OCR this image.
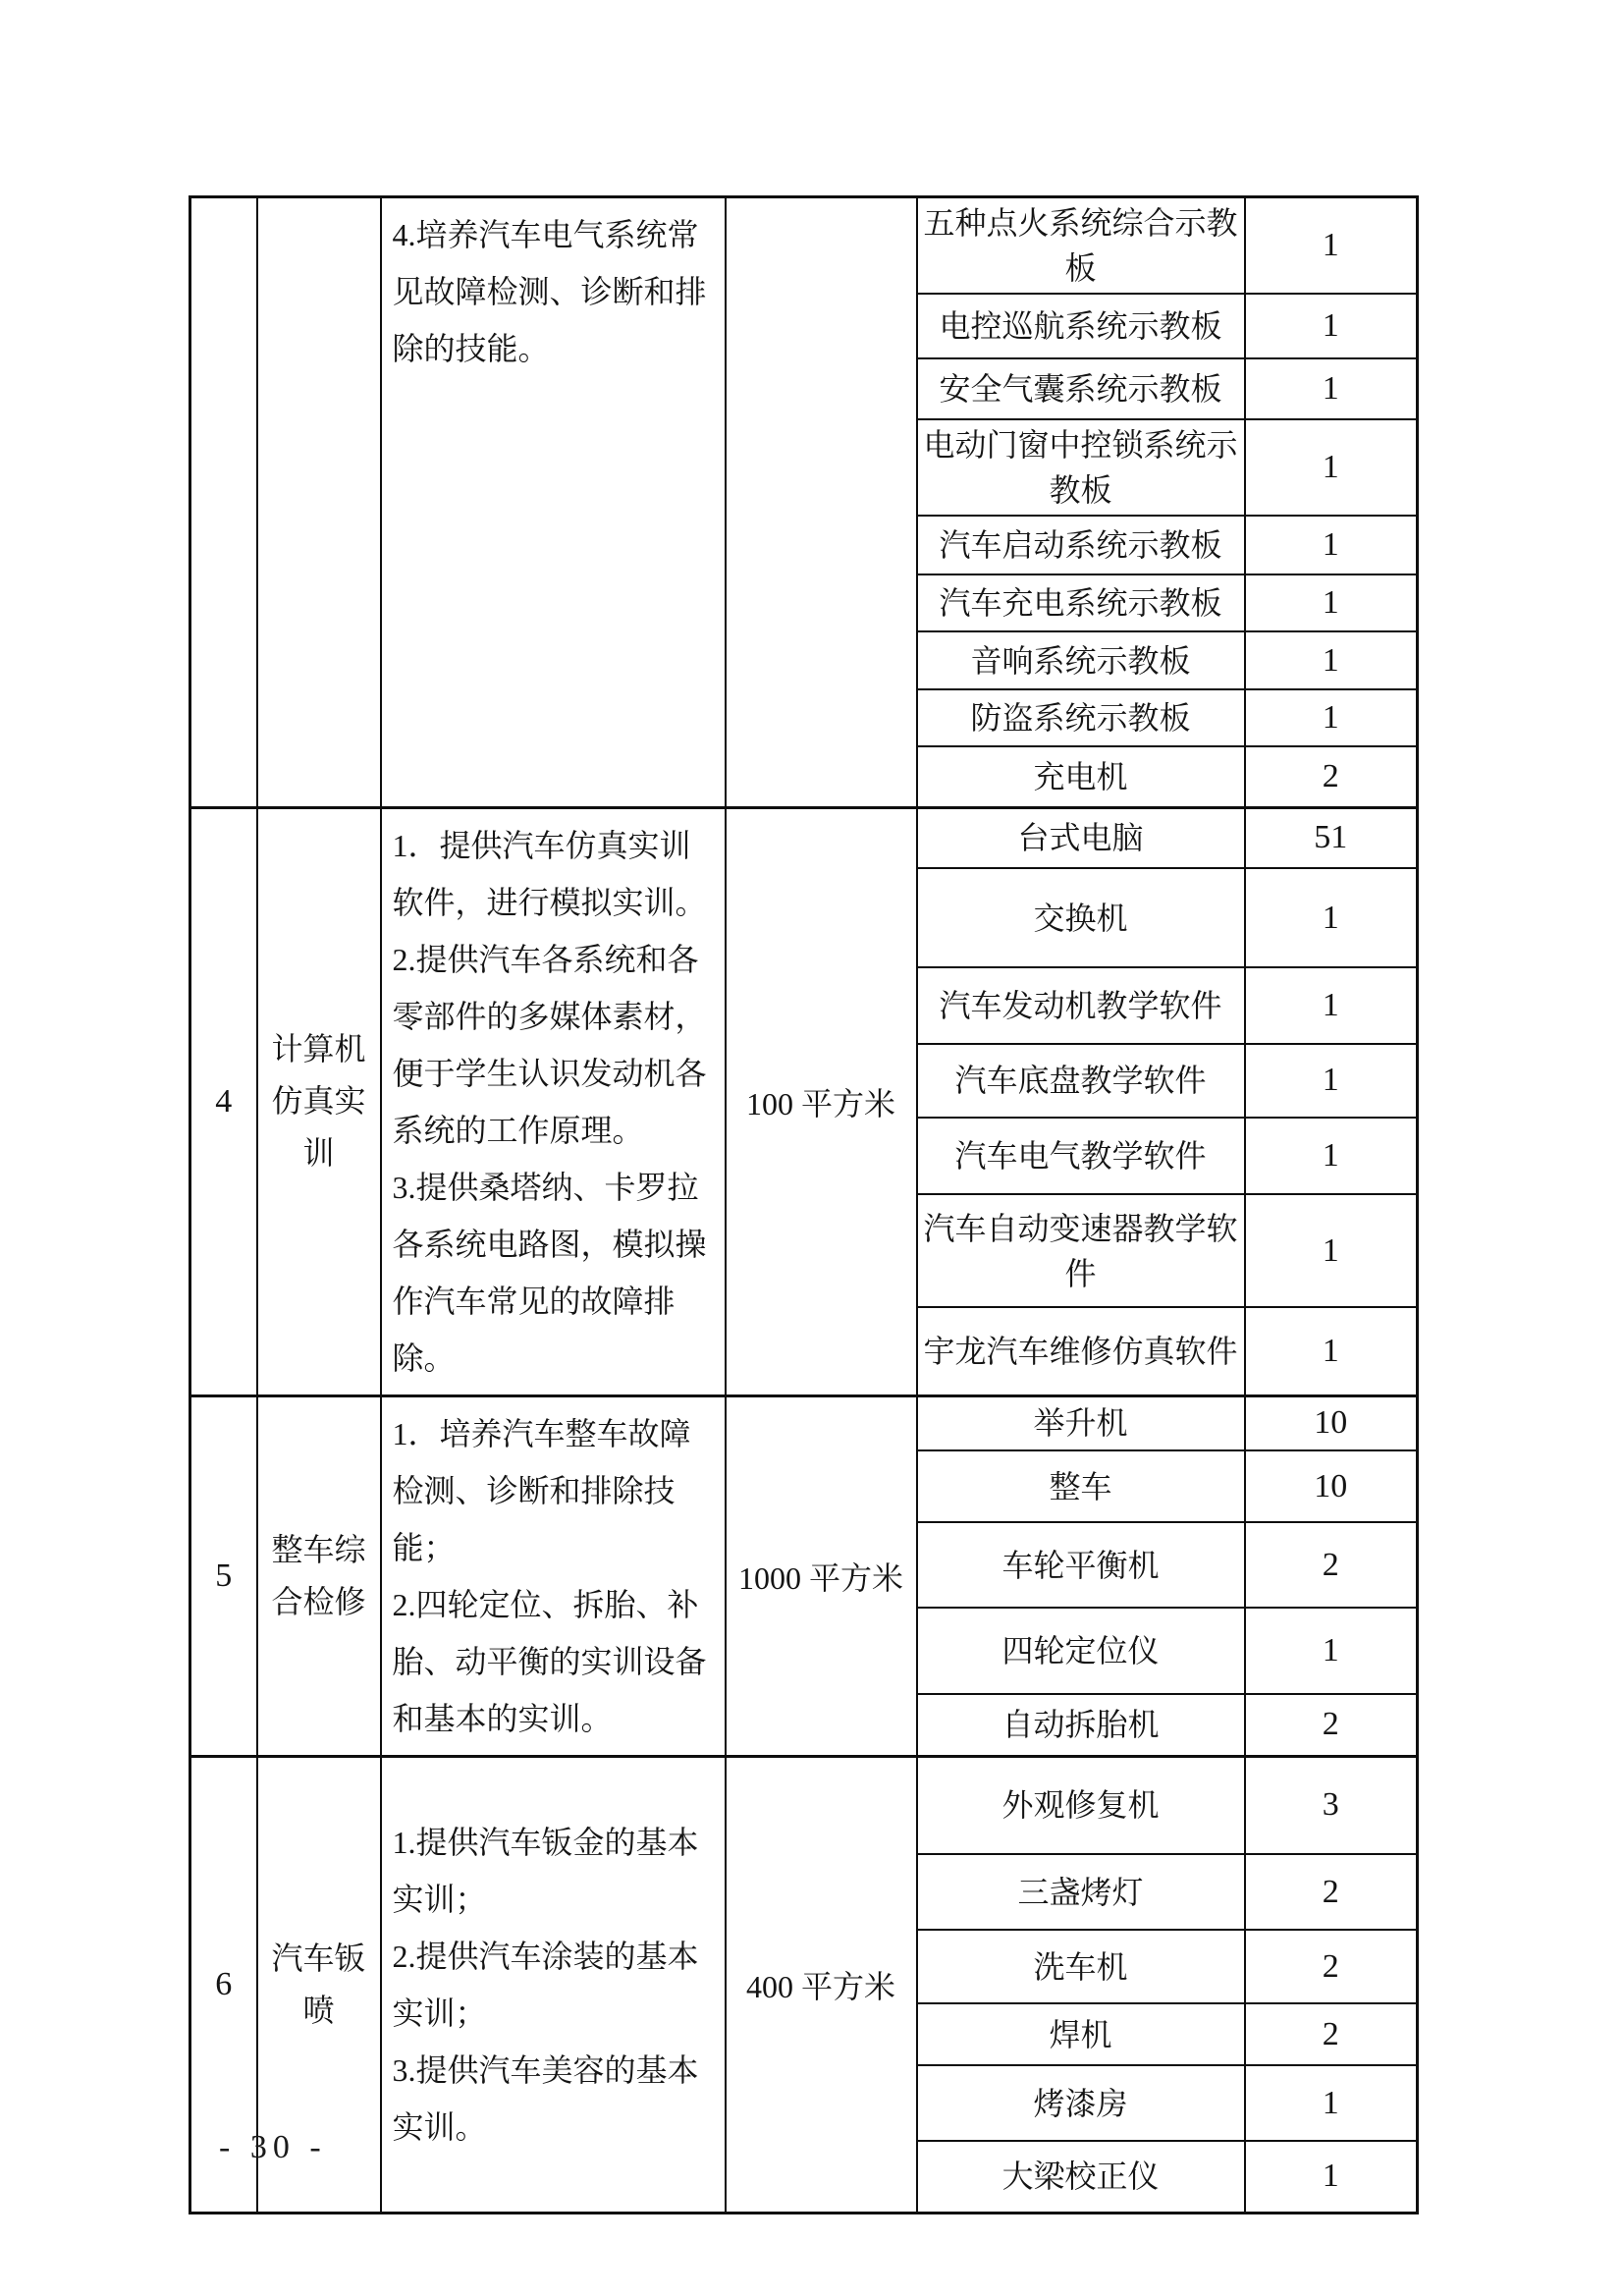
		4.培养汽车电气系统常见故障检测、诊断和排除的技能。		五种点火系统综合示教板	1
				电控巡航系统示教板	1
				安全气囊系统示教板	1
				电动门窗中控锁系统示教板	1
				汽车启动系统示教板	1
				汽车充电系统示教板	1
				音响系统示教板	1
				防盗系统示教板	1
				充电机	2
4	计算机仿真实训	1．提供汽车仿真实训软件，进行模拟实训。
2.提供汽车各系统和各零部件的多媒体素材，便于学生认识发动机各系统的工作原理。
3.提供桑塔纳、卡罗拉各系统电路图，模拟操作汽车常见的故障排除。	100 平方米	台式电脑	51
				交换机	1
				汽车发动机教学软件	1
				汽车底盘教学软件	1
				汽车电气教学软件	1
				汽车自动变速器教学软件	1
				宇龙汽车维修仿真软件	1
5	整车综合检修	1．培养汽车整车故障检测、诊断和排除技能；
2.四轮定位、拆胎、补胎、动平衡的实训设备和基本的实训。	1000 平方米	举升机	10
				整车	10
				车轮平衡机	2
				四轮定位仪	1
				自动拆胎机	2
6	汽车钣喷	1.提供汽车钣金的基本实训；
2.提供汽车涂装的基本实训；
3.提供汽车美容的基本实训。	400 平方米	外观修复机	3
				三盏烤灯	2
				洗车机	2
				焊机	2
				烤漆房	1
				大梁校正仪	1
- 30 -
